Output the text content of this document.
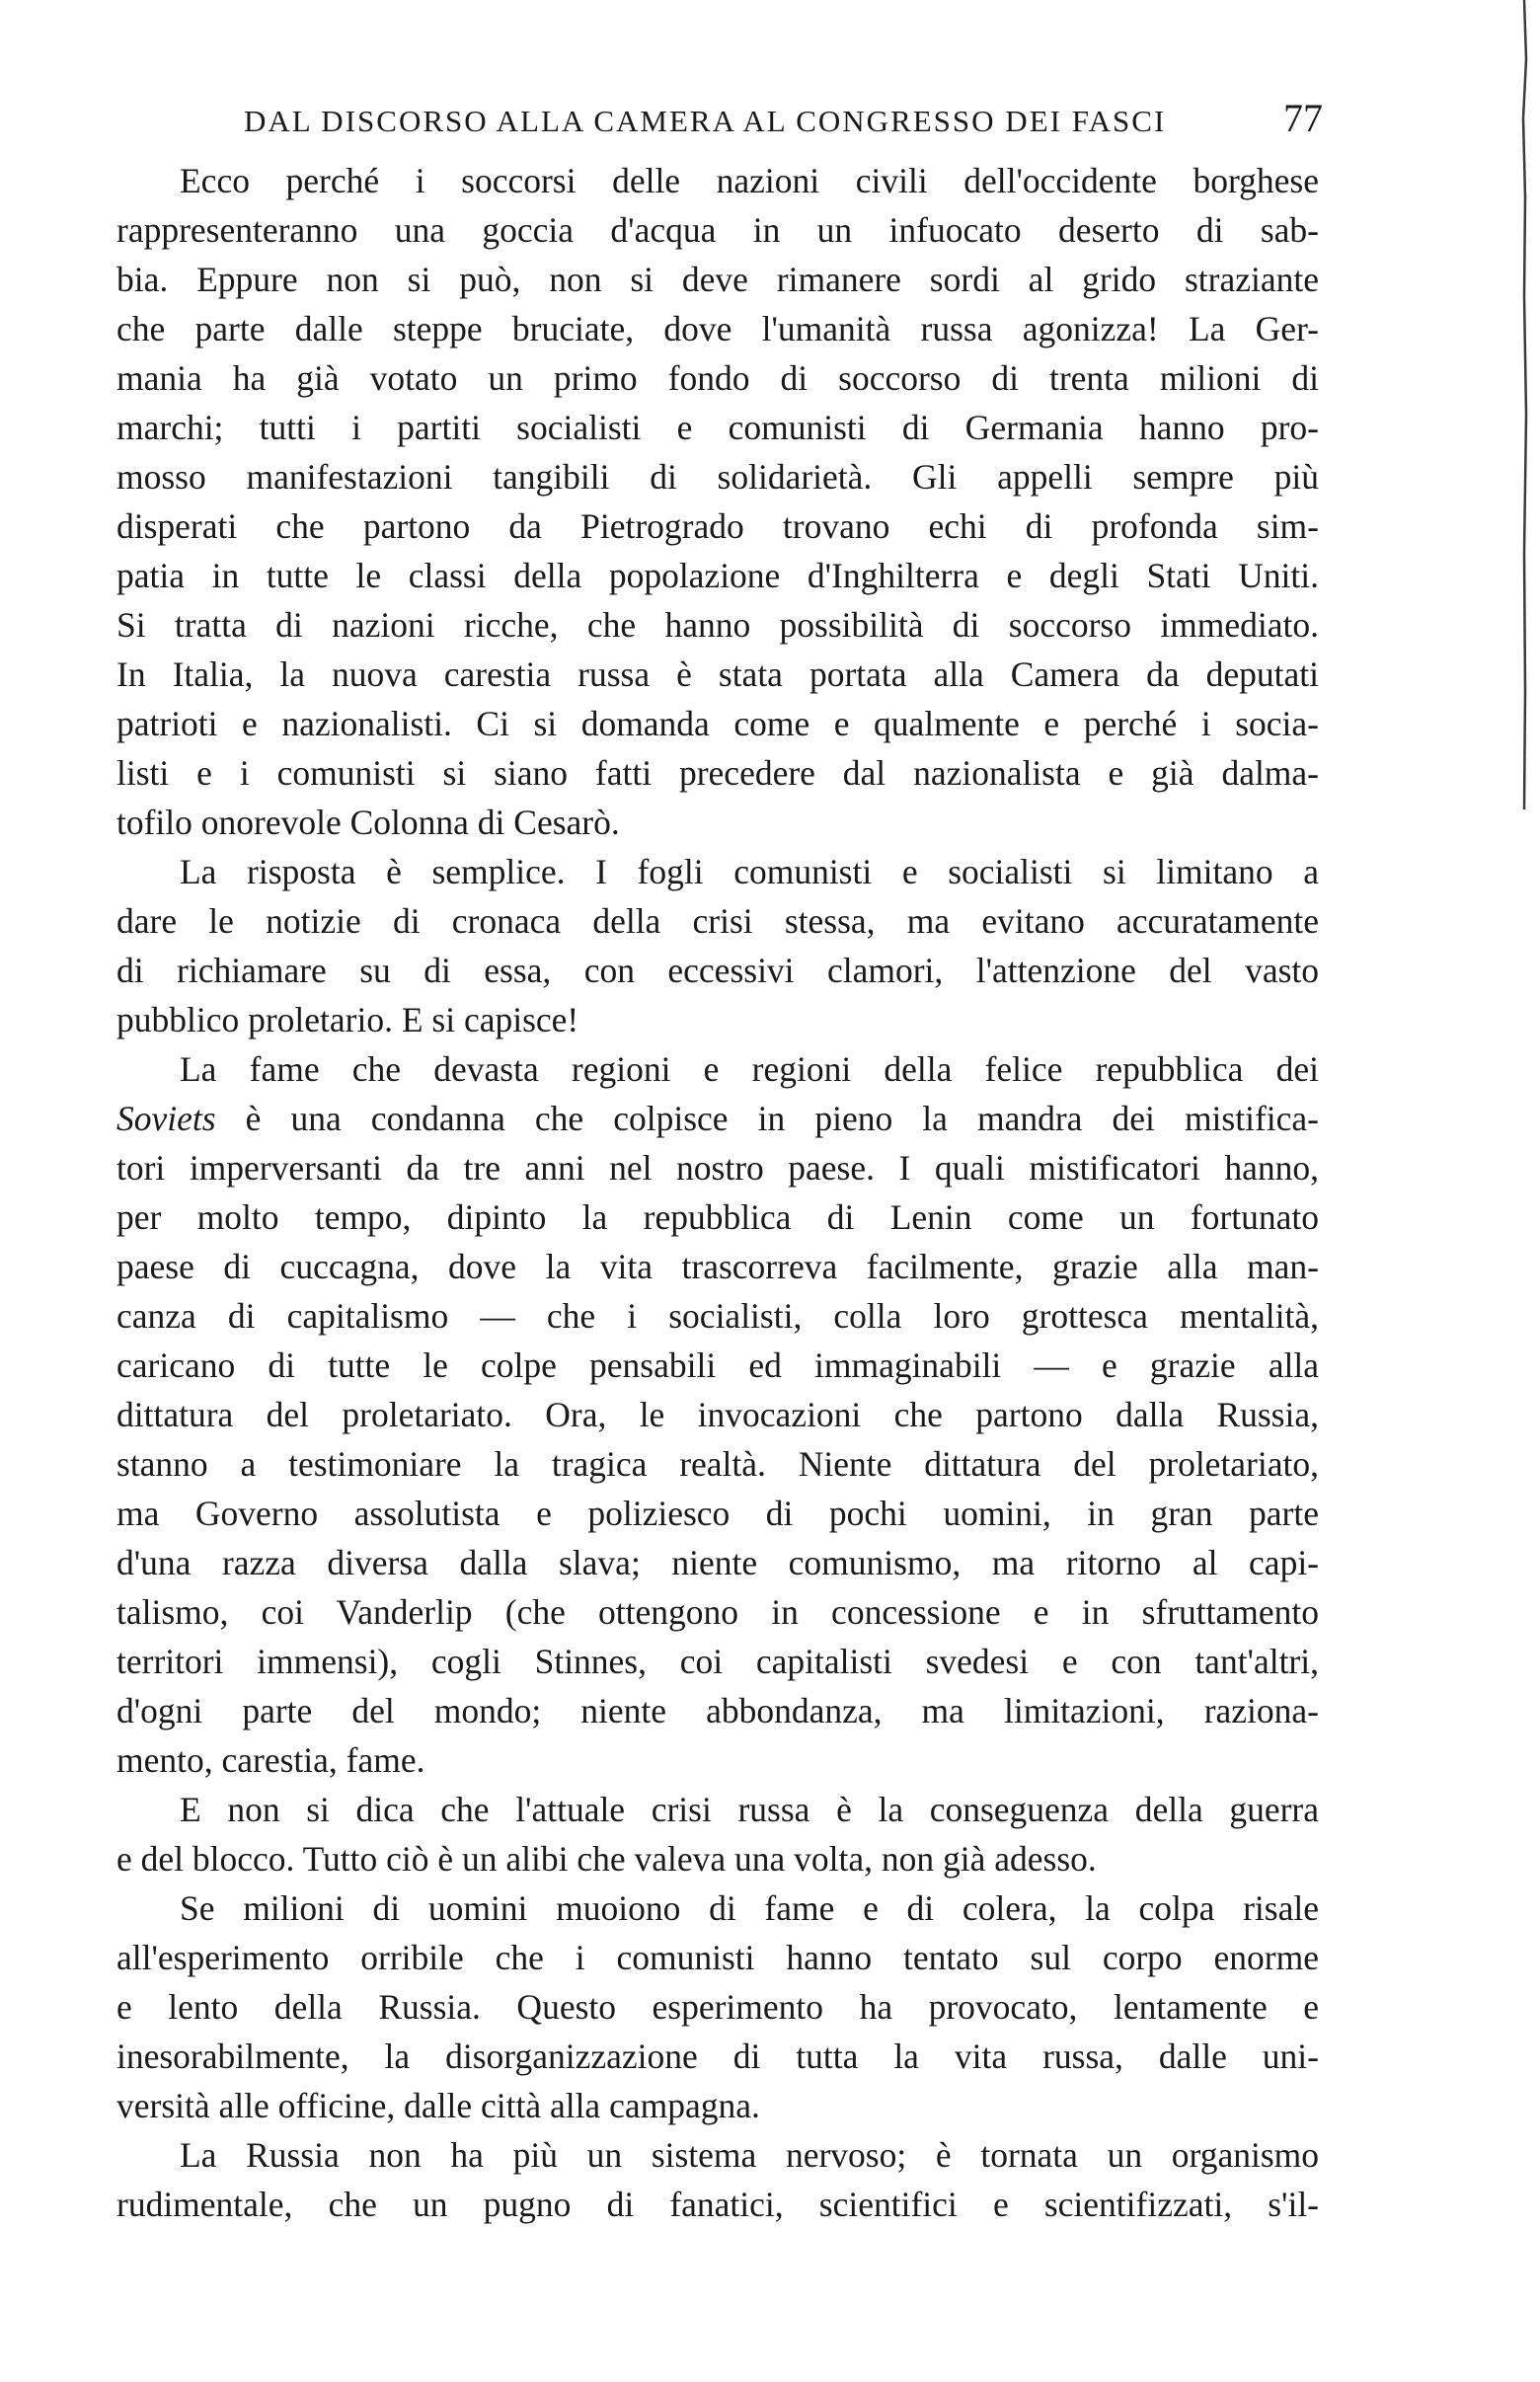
DAL DISCORSO ALLA CAMERA AL CONGRESSO DEI FASCI	77
Ecco perché i soccorsi delle nazioni civili dell'occidente borghese
rappresenteranno una goccia d'acqua in un infuocato deserto di sab-
bia. Eppure non si può, non si deve rimanere sordi al grido straziante
che parte dalle steppe bruciate, dove l'umanità russa agonizza! La Ger-
mania ha già votato un primo fondo di soccorso di trenta milioni di
marchi; tutti i partiti socialisti e comunisti di Germania hanno pro-
mosso manifestazioni tangibili di solidarietà. Gli appelli sempre più
disperati che partono da Pietrogrado trovano echi di profonda sim-
patia in tutte le classi della popolazione d'Inghilterra e degli Stati Uniti.
Si tratta di nazioni ricche, che hanno possibilità di soccorso immediato.
In Italia, la nuova carestia russa è stata portata alla Camera da deputati
patrioti e nazionalisti. Ci si domanda come e qualmente e perché i socia-
listi e i comunisti si siano fatti precedere dal nazionalista e già dalma-
tofilo onorevole Colonna di Cesarò.
La risposta è semplice. I fogli comunisti e socialisti si limitano a
dare le notizie di cronaca della crisi stessa, ma evitano accuratamente
di richiamare su di essa, con eccessivi clamori, l'attenzione del vasto
pubblico proletario. E si capisce!
La fame che devasta regioni e regioni della felice repubblica dei
Soviets è una condanna che colpisce in pieno la mandra dei mistifica-
tori imperversanti da tre anni nel nostro paese. I quali mistificatori hanno,
per molto tempo, dipinto la repubblica di Lenin come un fortunato
paese di cuccagna, dove la vita trascorreva facilmente, grazie alla man-
canza di capitalismo — che i socialisti, colla loro grottesca mentalità,
caricano di tutte le colpe pensabili ed immaginabili — e grazie alla
dittatura del proletariato. Ora, le invocazioni che partono dalla Russia,
stanno a testimoniare la tragica realtà. Niente dittatura del proletariato,
ma Governo assolutista e poliziesco di pochi uomini, in gran parte
d'una razza diversa dalla slava; niente comunismo, ma ritorno al capi-
talismo, coi Vanderlip (che ottengono in concessione e in sfruttamento
territori immensi), cogli Stinnes, coi capitalisti svedesi e con tant'altri,
d'ogni parte del mondo; niente abbondanza, ma limitazioni, raziona-
mento, carestia, fame.
E non si dica che l'attuale crisi russa è la conseguenza della guerra
e del blocco. Tutto ciò è un alibi che valeva una volta, non già adesso.
Se milioni di uomini muoiono di fame e di colera, la colpa risale
all'esperimento orribile che i comunisti hanno tentato sul corpo enorme
e lento della Russia. Questo esperimento ha provocato, lentamente e
inesorabilmente, la disorganizzazione di tutta la vita russa, dalle uni-
versità alle officine, dalle città alla campagna.
La Russia non ha più un sistema nervoso; è tornata un organismo
rudimentale, che un pugno di fanatici, scientifici e scientifizzati, s'il-
